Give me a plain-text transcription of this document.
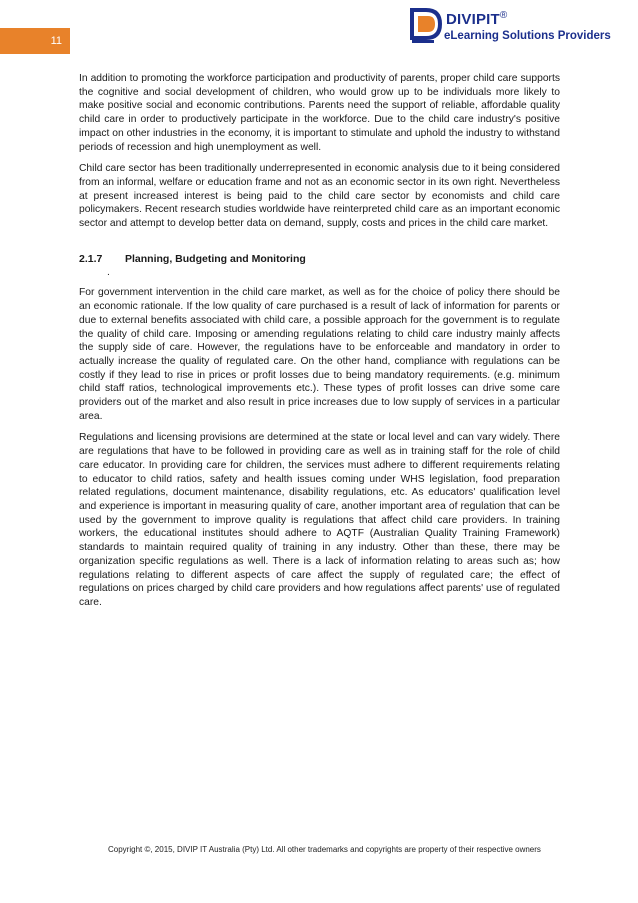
11
DIVIPIT®
eLearning Solutions Providers

In addition to promoting the workforce participation and productivity of parents, proper child care supports the cognitive and social development of children, who would grow up to be individuals more likely to make positive social and economic contributions. Parents need the support of reliable, affordable quality child care in order to productively participate in the workforce. Due to the child care industry's positive impact on other industries in the economy, it is important to stimulate and uphold the industry to withstand periods of recession and high unemployment as well.

Child care sector has been traditionally underrepresented in economic analysis due to it being considered from an informal, welfare or education frame and not as an economic sector in its own right. Nevertheless at present increased interest is being paid to the child care sector by economists and child care policymakers. Recent research studies worldwide have reinterpreted child care as an important economic sector and attempt to develop better data on demand, supply, costs and prices in the child care market.

2.1.7 Planning, Budgeting and Monitoring
.

For government intervention in the child care market, as well as for the choice of policy there should be an economic rationale. If the low quality of care purchased is a result of lack of information for parents or due to external benefits associated with child care, a possible approach for the government is to regulate the quality of child care. Imposing or amending regulations relating to child care industry mainly affects the supply side of care. However, the regulations have to be enforceable and mandatory in order to actually increase the quality of regulated care. On the other hand, compliance with regulations can be costly if they lead to rise in prices or profit losses due to being mandatory requirements. (e.g. minimum child staff ratios, technological improvements etc.). These types of profit losses can drive some care providers out of the market and also result in price increases due to low supply of services in a particular area.

Regulations and licensing provisions are determined at the state or local level and can vary widely. There are regulations that have to be followed in providing care as well as in training staff for the role of child care educator. In providing care for children, the services must adhere to different requirements relating to educator to child ratios, safety and health issues coming under WHS legislation, food preparation related regulations, document maintenance, disability regulations, etc. As educators' qualification level and experience is important in measuring quality of care, another important area of regulation that can be used by the government to improve quality is regulations that affect child care providers. In training workers, the educational institutes should adhere to AQTF (Australian Quality Training Framework) standards to maintain required quality of training in any industry. Other than these, there may be organization specific regulations as well. There is a lack of information relating to areas such as; how regulations relating to different aspects of care affect the supply of regulated care; the effect of regulations on prices charged by child care providers and how regulations affect parents' use of regulated care.

Copyright ©, 2015, DIVIP IT Australia (Pty) Ltd. All other trademarks and copyrights are property of their respective owners
